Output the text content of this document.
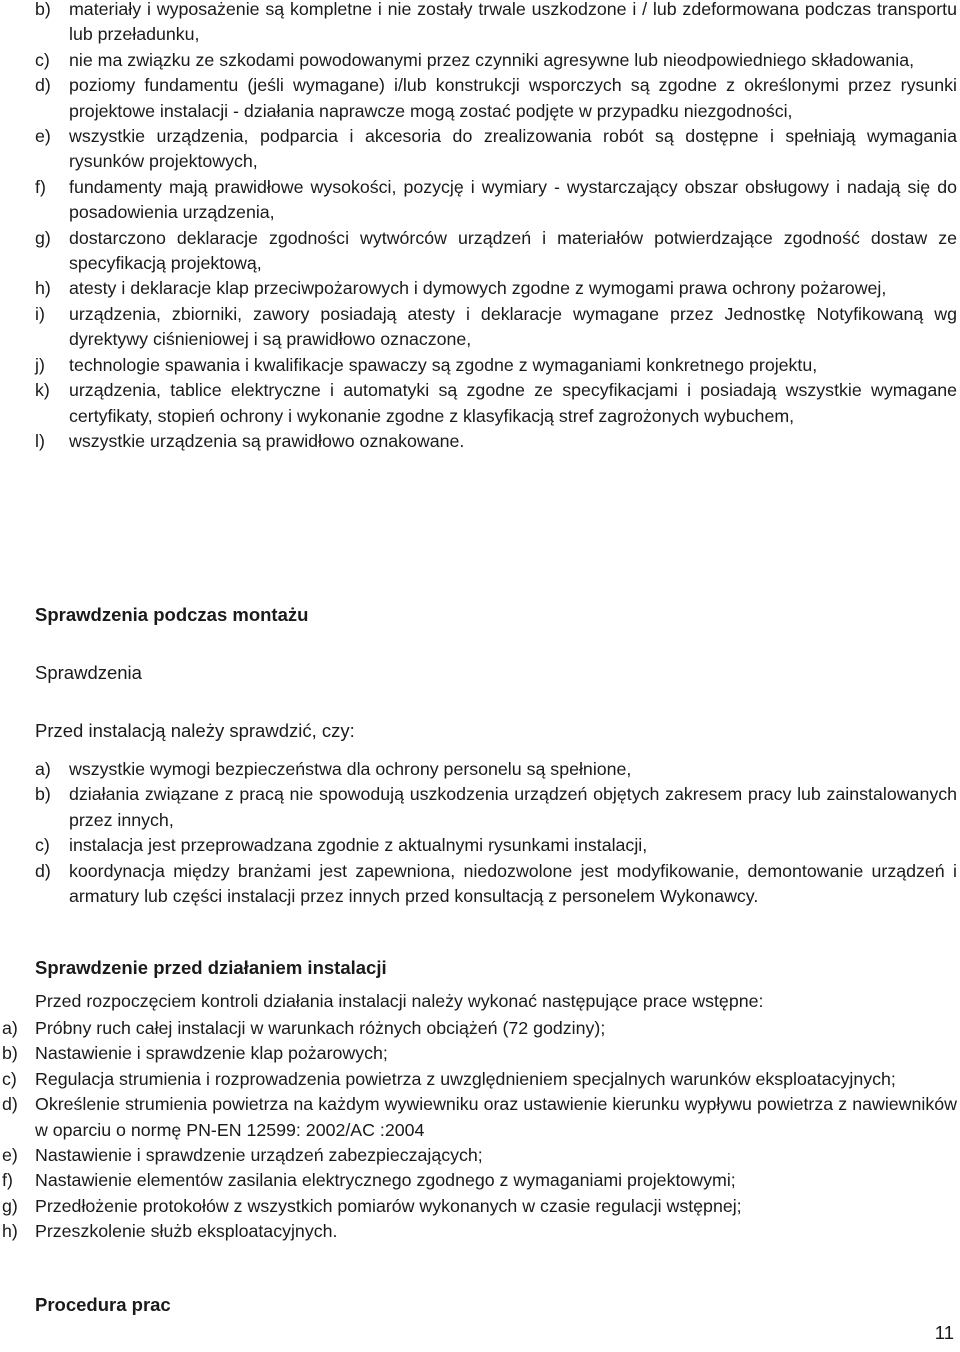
b) materiały i wyposażenie są kompletne i nie zostały trwale uszkodzone i / lub zdeformowana podczas transportu lub przeładunku,
c) nie ma związku ze szkodami powodowanymi przez czynniki agresywne lub nieodpowiedniego składowania,
d) poziomy fundamentu (jeśli wymagane) i/lub konstrukcji wsporczych są zgodne z określonymi przez rysunki projektowe instalacji - działania naprawcze mogą zostać podjęte w przypadku niezgodności,
e) wszystkie urządzenia, podparcia i akcesoria do zrealizowania robót są dostępne i spełniają wymagania rysunków projektowych,
f) fundamenty mają prawidłowe wysokości, pozycję i wymiary - wystarczający obszar obsługowy i nadają się do posadowienia urządzenia,
g) dostarczono deklaracje zgodności wytwórców urządzeń i materiałów potwierdzające zgodność dostaw ze specyfikacją projektową,
h) atesty i deklaracje klap przeciwpożarowych i dymowych zgodne z wymogami prawa ochrony pożarowej,
i) urządzenia, zbiorniki, zawory posiadają atesty i deklaracje wymagane przez Jednostkę Notyfikowaną wg dyrektywy ciśnieniowej i są prawidłowo oznaczone,
j) technologie spawania i kwalifikacje spawaczy są zgodne z wymaganiami konkretnego projektu,
k) urządzenia, tablice elektryczne i automatyki są zgodne ze specyfikacjami i posiadają wszystkie wymagane certyfikaty, stopień ochrony i wykonanie zgodne z klasyfikacją stref zagrożonych wybuchem,
l) wszystkie urządzenia są prawidłowo oznakowane.
Sprawdzenia podczas montażu
Sprawdzenia
Przed instalacją należy sprawdzić, czy:
a) wszystkie wymogi bezpieczeństwa dla ochrony personelu są spełnione,
b) działania związane z pracą nie spowodują uszkodzenia urządzeń objętych zakresem pracy lub zainstalowanych przez innych,
c) instalacja jest przeprowadzana zgodnie z aktualnymi rysunkami instalacji,
d) koordynacja między branżami jest zapewniona, niedozwolone jest modyfikowanie, demontowanie urządzeń i armatury lub części instalacji przez innych przed konsultacją z personelem Wykonawcy.
Sprawdzenie przed działaniem instalacji
Przed rozpoczęciem kontroli działania instalacji należy wykonać następujące prace wstępne:
a) Próbny ruch całej instalacji w warunkach różnych obciążeń (72 godziny);
b) Nastawienie i sprawdzenie klap pożarowych;
c) Regulacja strumienia i rozprowadzenia powietrza z uwzględnieniem specjalnych warunków eksploatacyjnych;
d) Określenie strumienia powietrza na każdym wywiewniku oraz ustawienie kierunku wypływu powietrza z nawiewników w oparciu o normę PN-EN 12599: 2002/AC :2004
e) Nastawienie i sprawdzenie urządzeń zabezpieczających;
f) Nastawienie elementów zasilania elektrycznego zgodnego z wymaganiami projektowymi;
g) Przedłożenie protokołów z wszystkich pomiarów wykonanych w czasie regulacji wstępnej;
h) Przeszkolenie służb eksploatacyjnych.
Procedura prac
11
